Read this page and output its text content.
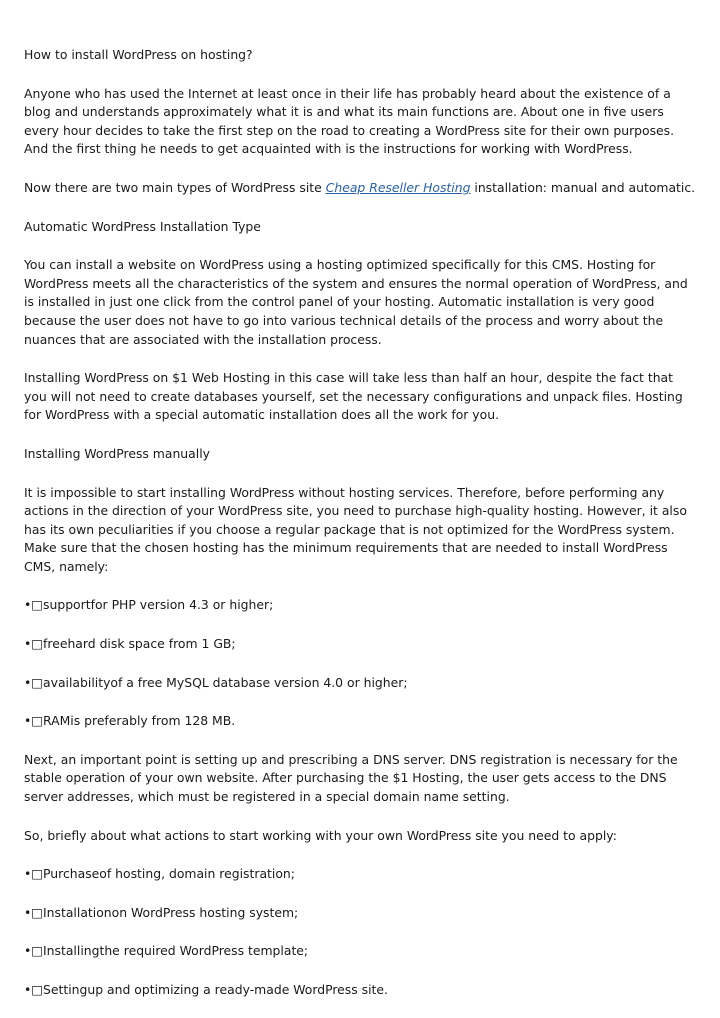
How to install WordPress on hosting?

Anyone who has used the Internet at least once in their life has probably heard about the existence of a blog and understands approximately what it is and what its main functions are. About one in five users every hour decides to take the first step on the road to creating a WordPress site for their own purposes. And the first thing he needs to get acquainted with is the instructions for working with WordPress.

Now there are two main types of WordPress site Cheap Reseller Hosting installation: manual and automatic.

Automatic WordPress Installation Type

You can install a website on WordPress using a hosting optimized specifically for this CMS. Hosting for WordPress meets all the characteristics of the system and ensures the normal operation of WordPress, and is installed in just one click from the control panel of your hosting. Automatic installation is very good because the user does not have to go into various technical details of the process and worry about the nuances that are associated with the installation process.

Installing WordPress on $1 Web Hosting in this case will take less than half an hour, despite the fact that you will not need to create databases yourself, set the necessary configurations and unpack files. Hosting for WordPress with a special automatic installation does all the work for you.

Installing WordPress manually

It is impossible to start installing WordPress without hosting services. Therefore, before performing any actions in the direction of your WordPress site, you need to purchase high-quality hosting. However, it also has its own peculiarities if you choose a regular package that is not optimized for the WordPress system. Make sure that the chosen hosting has the minimum requirements that are needed to install WordPress CMS, namely:

•□supportfor PHP version 4.3 or higher;

•□freehard disk space from 1 GB;

•□availabilityof a free MySQL database version 4.0 or higher;

•□RAMis preferably from 128 MB.

Next, an important point is setting up and prescribing a DNS server. DNS registration is necessary for the stable operation of your own website. After purchasing the $1 Hosting, the user gets access to the DNS server addresses, which must be registered in a special domain name setting.

So, briefly about what actions to start working with your own WordPress site you need to apply:

•□Purchaseof hosting, domain registration;

•□Installationon WordPress hosting system;

•□Installingthe required WordPress template;

•□Settingup and optimizing a ready-made WordPress site.
